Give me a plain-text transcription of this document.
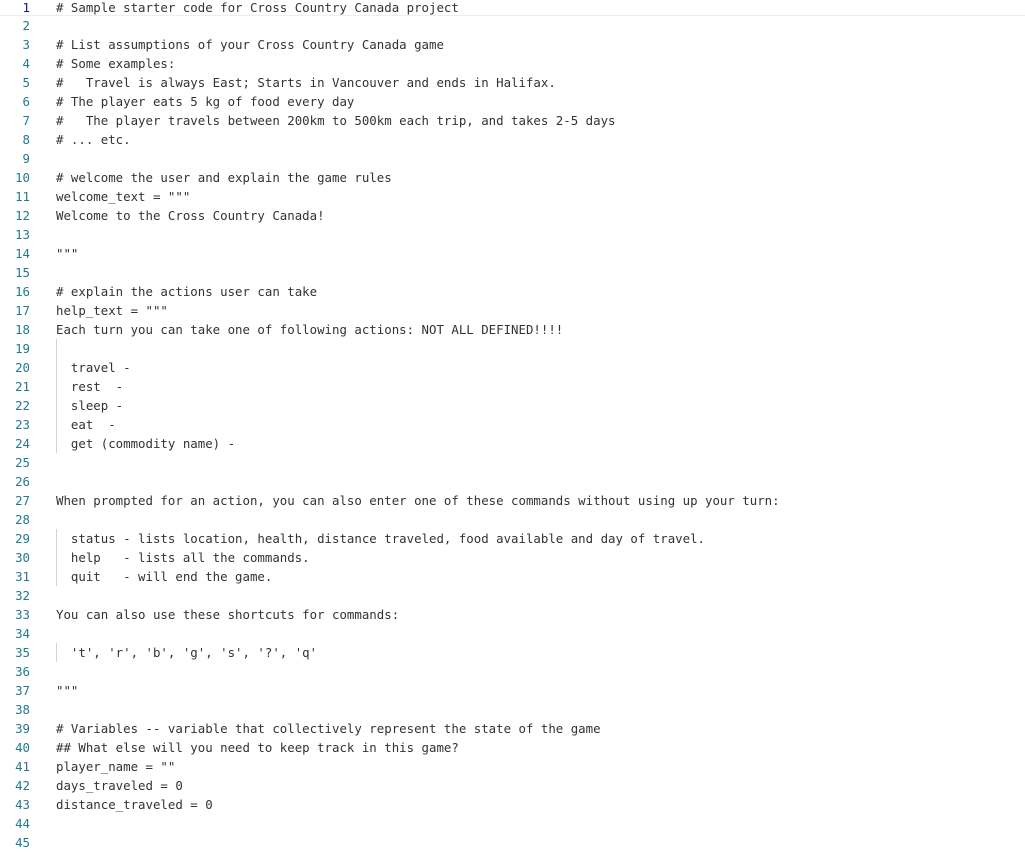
1 # Sample starter code for Cross Country Canada project
2
3 # List assumptions of your Cross Country Canada game
4 # Some examples:
5 #   Travel is always East; Starts in Vancouver and ends in Halifax.
6 # The player eats 5 kg of food every day
7 #   The player travels between 200km to 500km each trip, and takes 2-5 days
8 # ... etc.
9
10 # welcome the user and explain the game rules
11 welcome_text = """
12 Welcome to the Cross Country Canada!
13
14 """
15
16 # explain the actions user can take
17 help_text = """
18 Each turn you can take one of following actions: NOT ALL DEFINED!!!!
19
20 travel -
21 rest  -
22 sleep -
23 eat  -
24 get (commodity name) -
25
26
27 When prompted for an action, you can also enter one of these commands without using up your turn:
28
29 status - lists location, health, distance traveled, food available and day of travel.
30 help   - lists all the commands.
31 quit   - will end the game.
32
33 You can also use these shortcuts for commands:
34
35 't', 'r', 'b', 'g', 's', '?', 'q'
36
37 """
38
39 # Variables -- variable that collectively represent the state of the game
40 ## What else will you need to keep track in this game?
41 player_name = ""
42 days_traveled = 0
43 distance_traveled = 0
44
45
